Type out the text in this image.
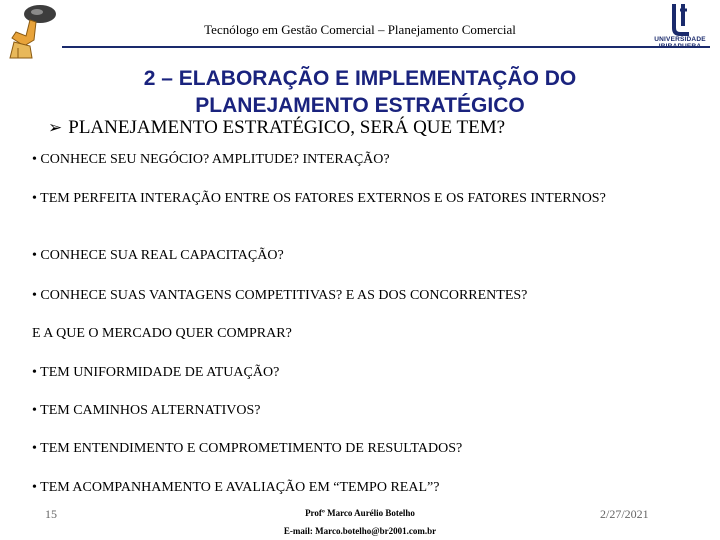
Tecnólogo em Gestão Comercial – Planejamento Comercial
UNIVERSIDADE
IBIRAPUERA
2 – ELABORAÇÃO E IMPLEMENTAÇÃO DO PLANEJAMENTO ESTRATÉGICO
➢ PLANEJAMENTO ESTRATÉGICO, SERÁ QUE TEM?
• CONHECE SEU NEGÓCIO? AMPLITUDE? INTERAÇÃO?
• TEM PERFEITA INTERAÇÃO ENTRE OS FATORES EXTERNOS E OS FATORES INTERNOS?
• CONHECE SUA REAL CAPACITAÇÃO?
• CONHECE SUAS VANTAGENS COMPETITIVAS? E AS DOS CONCORRENTES?
E A QUE O MERCADO QUER COMPRAR?
• TEM UNIFORMIDADE DE ATUAÇÃO?
• TEM CAMINHOS ALTERNATIVOS?
• TEM ENTENDIMENTO E COMPROMETIMENTO DE RESULTADOS?
• TEM ACOMPANHAMENTO E AVALIAÇÃO EM “TEMPO REAL”?
15	Profº Marco Aurélio Botelho
E-mail: Marco.botelho@br2001.com.br
2/27/2021
